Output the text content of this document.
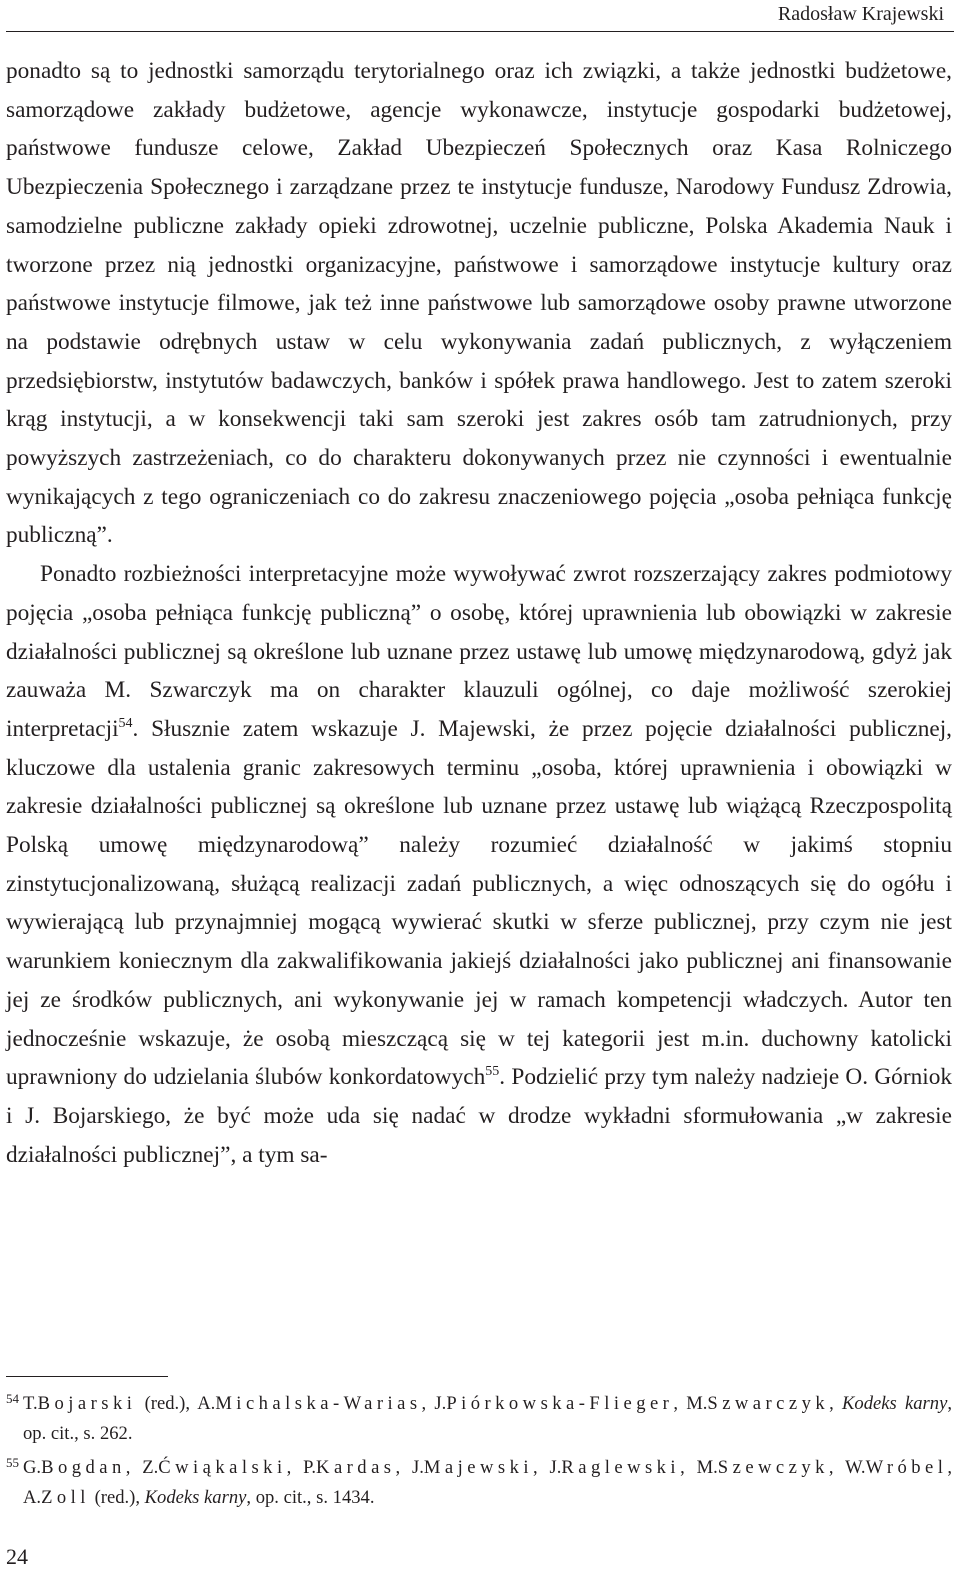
Radosław Krajewski

ponadto są to jednostki samorządu terytorialnego oraz ich związki, a także jednostki budżetowe, samorządowe zakłady budżetowe, agencje wykonawcze, instytucje gospodarki budżetowej, państwowe fundusze celowe, Zakład Ubezpieczeń Społecznych oraz Kasa Rolniczego Ubezpieczenia Społecznego i zarządzane przez te instytucje fundusze, Narodowy Fundusz Zdrowia, samodzielne publiczne zakłady opieki zdrowotnej, uczelnie publiczne, Polska Akademia Nauk i tworzone przez nią jednostki organizacyjne, państwowe i samorządowe instytucje kultury oraz państwowe instytucje filmowe, jak też inne państwowe lub samorządowe osoby prawne utworzone na podstawie odrębnych ustaw w celu wykonywania zadań publicznych, z wyłączeniem przedsiębiorstw, instytutów badawczych, banków i spółek prawa handlowego. Jest to zatem szeroki krąg instytucji, a w konsekwencji taki sam szeroki jest zakres osób tam zatrudnionych, przy powyższych zastrzeżeniach, co do charakteru dokonywanych przez nie czynności i ewentualnie wynikających z tego ograniczeniach co do zakresu znaczeniowego pojęcia „osoba pełniąca funkcję publiczną”.

Ponadto rozbieżności interpretacyjne może wywoływać zwrot rozszerzający zakres podmiotowy pojęcia „osoba pełniąca funkcję publiczną” o osobę, której uprawnienia lub obowiązki w zakresie działalności publicznej są określone lub uznane przez ustawę lub umowę międzynarodową, gdyż jak zauważa M. Szwarczyk ma on charakter klauzuli ogólnej, co daje możliwość szerokiej interpretacji$^{54}$. Słusznie zatem wskazuje J. Majewski, że przez pojęcie działalności publicznej, kluczowe dla ustalenia granic zakresowych terminu „osoba, której uprawnienia i obowiązki w zakresie działalności publicznej są określone lub uznane przez ustawę lub wiążącą Rzeczpospolitą Polską umowę międzynarodową” należy rozumieć działalność w jakimś stopniu zinstytucjonalizowaną, służącą realizacji zadań publicznych, a więc odnoszących się do ogółu i wywierającą lub przynajmniej mogącą wywierać skutki w sferze publicznej, przy czym nie jest warunkiem koniecznym dla zakwalifikowania jakiejś działalności jako publicznej ani finansowanie jej ze środków publicznych, ani wykonywanie jej w ramach kompetencji władczych. Autor ten jednocześnie wskazuje, że osobą mieszczącą się w tej kategorii jest m.in. duchowny katolicki uprawniony do udzielania ślubów konkordatowych$^{55}$. Podzielić przy tym należy nadzieje O. Górniok i J. Bojarskiego, że być może uda się nadać w drodze wykładni sformułowania „w zakresie działalności publicznej”, a tym sa-

54 T.Bojarski (red.), A.Michalska-Warias, J.Piórkowska-Flieger, M.Szwarczyk, Kodeks karny, op. cit., s. 262.

55 G.Bogdan, Z.Ćwiąkalski, P.Kardas, J.Majewski, J.Raglewski, M.Szewczyk, W.Wróbel, A.Zoll (red.), Kodeks karny, op. cit., s. 1434.

24
